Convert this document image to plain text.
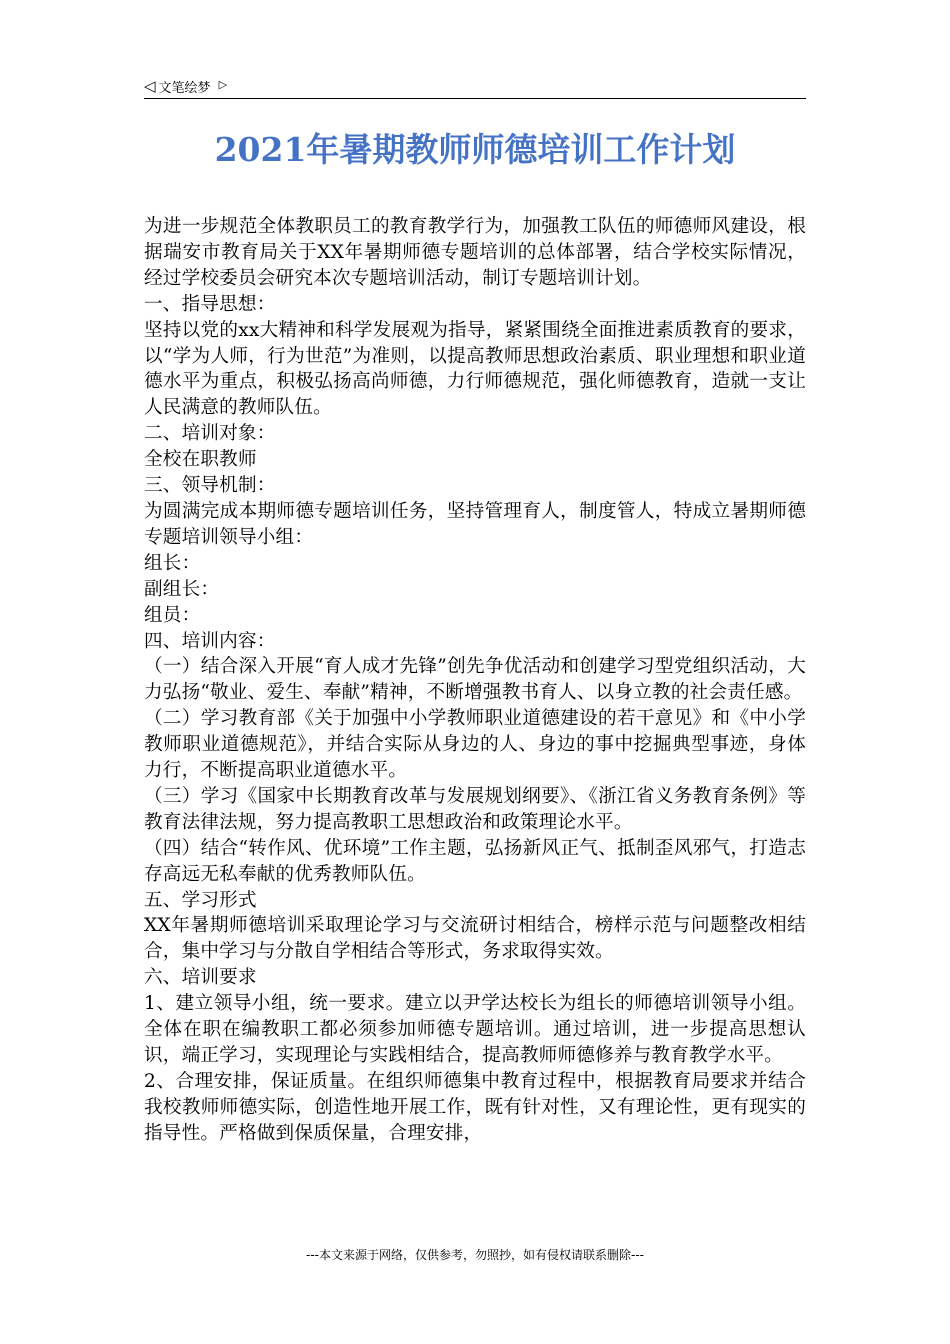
◁ 文笔绘梦 ▷
2021年暑期教师师德培训工作计划

为进一步规范全体教职员工的教育教学行为，加强教工队伍的师德师风建设，根据瑞安市教育局关于XX年暑期师德专题培训的总体部署，结合学校实际情况，经过学校委员会研究本次专题培训活动，制订专题培训计划。

一、指导思想：

坚持以党的xx大精神和科学发展观为指导，紧紧围绕全面推进素质教育的要求，以“学为人师，行为世范”为准则，以提高教师思想政治素质、职业理想和职业道德水平为重点，积极弘扬高尚师德，力行师德规范，强化师德教育，造就一支让人民满意的教师队伍。

二、培训对象：

全校在职教师

三、领导机制：

为圆满完成本期师德专题培训任务，坚持管理育人，制度管人，特成立暑期师德专题培训领导小组：

组长：

副组长：

组员：

四、培训内容：

（一）结合深入开展“育人成才先锋”创先争优活动和创建学习型党组织活动，大力弘扬“敬业、爱生、奉献”精神，不断增强教书育人、以身立教的社会责任感。

（二）学习教育部《关于加强中小学教师职业道德建设的若干意见》和《中小学教师职业道德规范》，并结合实际从身边的人、身边的事中挖掘典型事迹，身体力行，不断提高职业道德水平。

（三）学习《国家中长期教育改革与发展规划纲要》、《浙江省义务教育条例》等教育法律法规，努力提高教职工思想政治和政策理论水平。

（四）结合“转作风、优环境”工作主题，弘扬新风正气、抵制歪风邪气，打造志存高远无私奉献的优秀教师队伍。

五、学习形式

XX年暑期师德培训采取理论学习与交流研讨相结合，榜样示范与问题整改相结合，集中学习与分散自学相结合等形式，务求取得实效。

六、培训要求

1、建立领导小组，统一要求。建立以尹学达校长为组长的师德培训领导小组。全体在职在编教职工都必须参加师德专题培训。通过培训，进一步提高思想认识，端正学习，实现理论与实践相结合，提高教师师德修养与教育教学水平。

2、合理安排，保证质量。在组织师德集中教育过程中，根据教育局要求并结合我校教师师德实际，创造性地开展工作，既有针对性，又有理论性，更有现实的指导性。严格做到保质保量，合理安排，

---本文来源于网络，仅供参考，勿照抄，如有侵权请联系删除---
